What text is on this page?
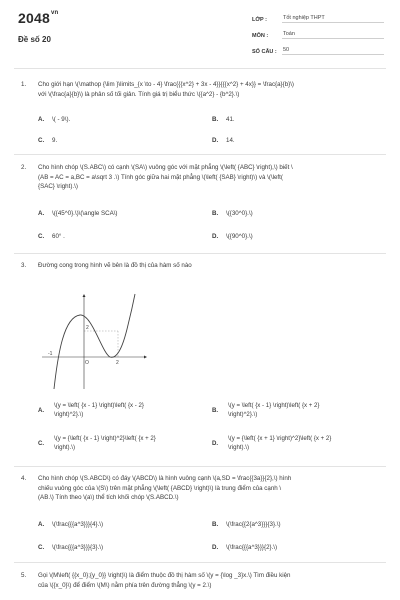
$2048^{vn}$
Đề số 20
LỚP :	Tốt nghiệp THPT
MÔN :	Toán
SỐ CÂU :	50
1. Cho giới hạn \(\mathop {\lim }\limits_{x \to - 4} \frac{{{x^2} + 3x - 4}}{{{x^2} + 4x}} = \frac{a}{b}\)
với \(\frac{a}{b}\) là phân số tối giản. Tính giá trị biểu thức \({a^2} - {b^2}.\)
A. \( - 9\).	B. 41.
C. 9.	D. 14.
2. Cho hình chóp \(S.ABC\) có cạnh \(SA\) vuông góc với mặt phẳng \(\left( {ABC} \right),\) biết \
(AB = AC = a,BC = a\sqrt 3 .\) Tính góc giữa hai mặt phẳng \(\left( {SAB} \right)\) và \(\left(
{SAC} \right).\)
A. \({45^0}.\)\(\angle SCA\)	B. \({30^0}.\)
C. 60° .	D. \({90^0}.\)
3. Đường cong trong hình vẽ bên là đồ thị của hàm số nào
2
-1
2
O
A.
\(y = \left( {x - 1} \right)\left( {x - 2}
\right)^2}.\)
B.
\(y = \left( {x - 1} \right)\left( {x + 2}
\right)^2}.\)
C.
\(y = {\left( {x - 1} \right)^2}\left( {x + 2}
\right).\)
D.
\(y = {\left( {x + 1} \right)^2}\left( {x + 2}
\right).\)
4. Cho hình chóp \(S.ABCD\) có đáy \(ABCD\) là hình vuông cạnh \(a,SD = \frac{{3a}}{2},\) hình
chiếu vuông góc của \(S\) trên mặt phẳng \(\left( {ABCD} \right)\) là trung điểm của cạnh \
(AB.\) Tính theo \(a\) thể tích khối chóp \(S.ABCD.\)
A. \(\frac{{{a^3}}}{4}.\)	B. \(\frac{{2{a^3}}}{3}.\)
C. \(\frac{{{a^3}}}{3}.\)	D. \(\frac{{{a^3}}}{2}.\)
5. Gọi \(M\left( {{x_0};{y_0}} \right)\) là điểm thuộc đồ thị hàm số \(y = {\log _3}x.\) Tìm điều kiện
của \({x_0}\) để điểm \(M\) nằm phía trên đường thẳng \(y = 2.\)
